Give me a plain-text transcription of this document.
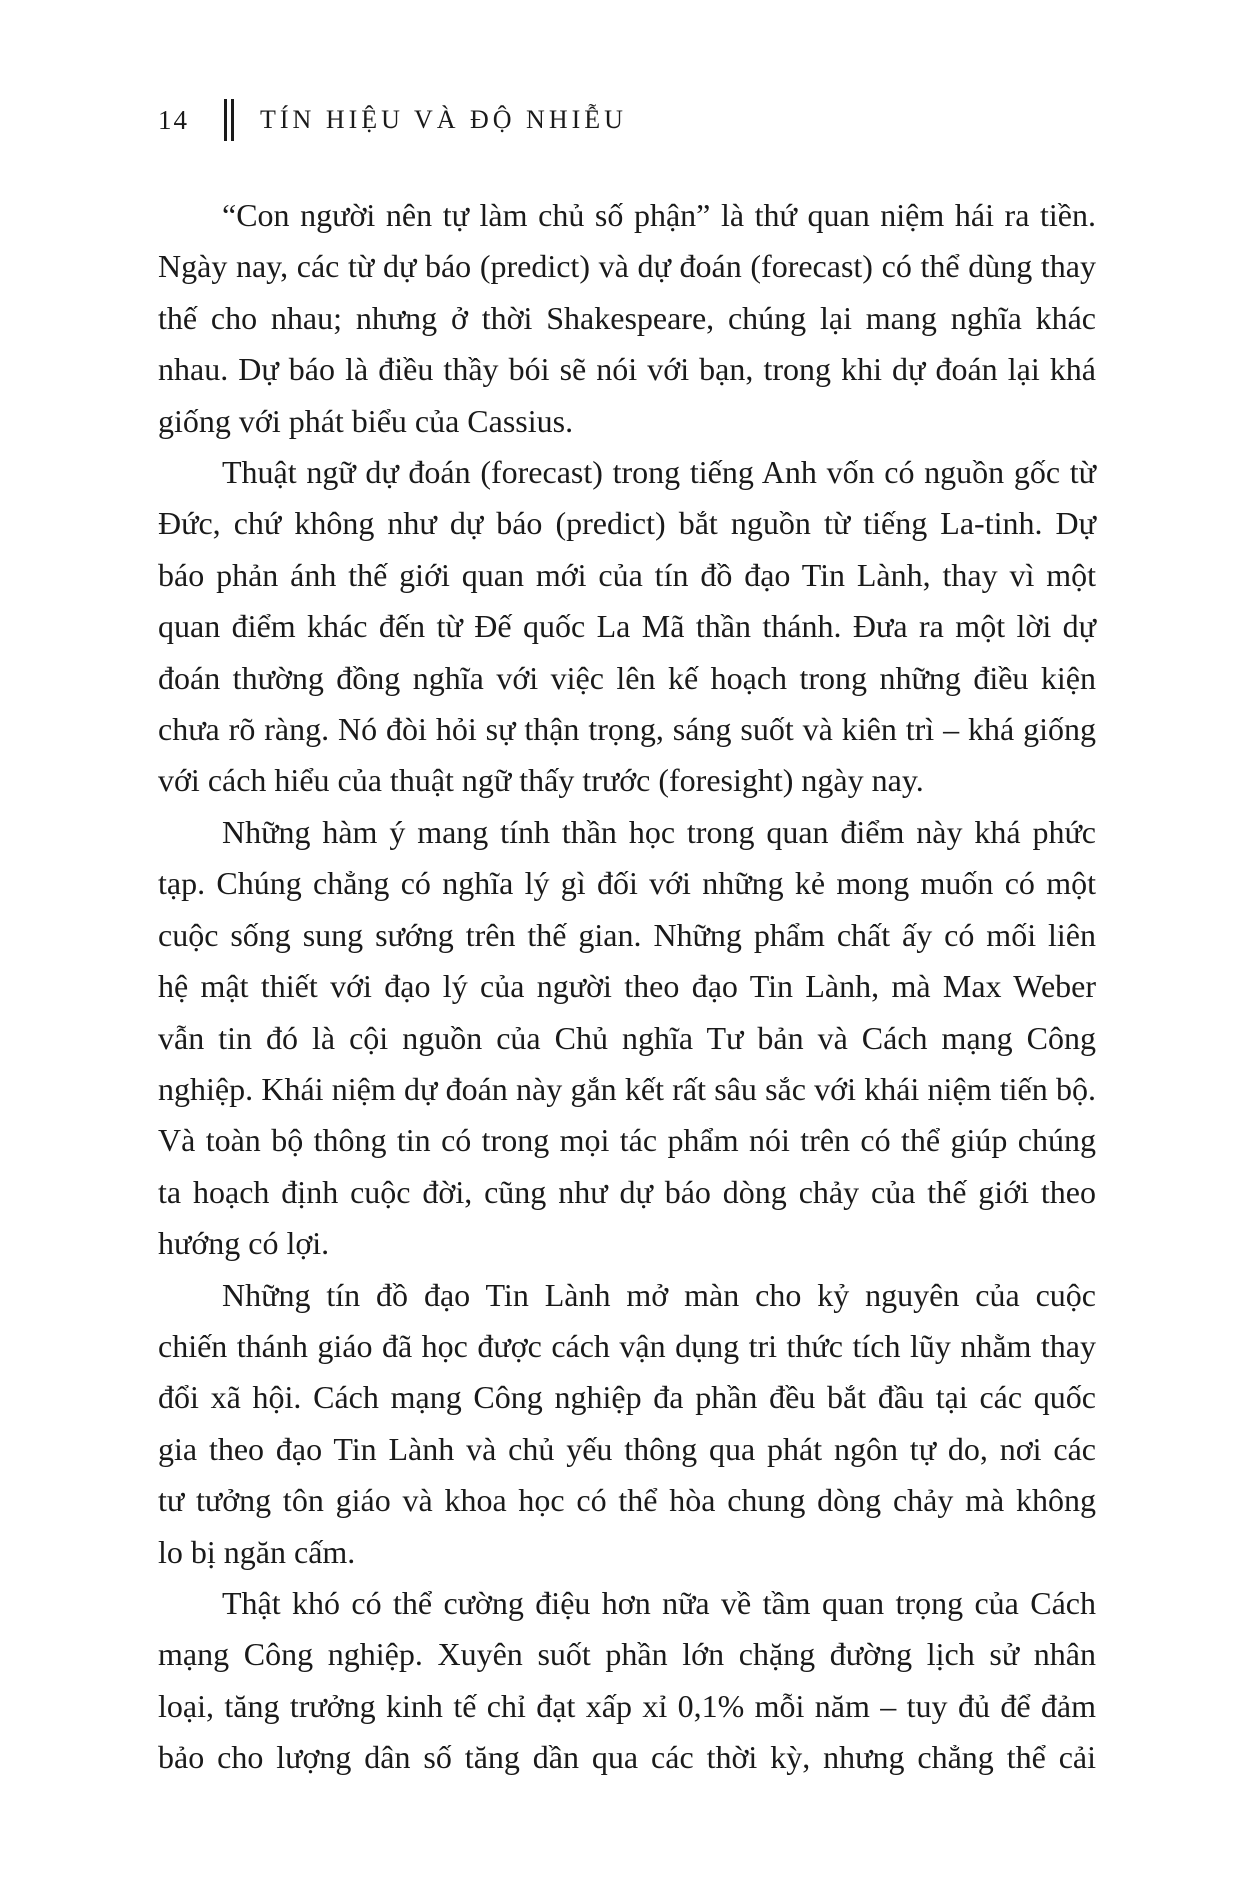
14	TÍN HIỆU VÀ ĐỘ NHIỄU
“Con người nên tự làm chủ số phận” là thứ quan niệm hái ra tiền.
Ngày nay, các từ dự báo (predict) và dự đoán (forecast) có thể dùng thay
thế cho nhau; nhưng ở thời Shakespeare, chúng lại mang nghĩa khác
nhau. Dự báo là điều thầy bói sẽ nói với bạn, trong khi dự đoán lại khá
giống với phát biểu của Cassius.
Thuật ngữ dự đoán (forecast) trong tiếng Anh vốn có nguồn gốc từ
Đức, chứ không như dự báo (predict) bắt nguồn từ tiếng La-tinh. Dự
báo phản ánh thế giới quan mới của tín đồ đạo Tin Lành, thay vì một
quan điểm khác đến từ Đế quốc La Mã thần thánh. Đưa ra một lời dự
đoán thường đồng nghĩa với việc lên kế hoạch trong những điều kiện
chưa rõ ràng. Nó đòi hỏi sự thận trọng, sáng suốt và kiên trì – khá giống
với cách hiểu của thuật ngữ thấy trước (foresight) ngày nay.
Những hàm ý mang tính thần học trong quan điểm này khá phức
tạp. Chúng chẳng có nghĩa lý gì đối với những kẻ mong muốn có một
cuộc sống sung sướng trên thế gian. Những phẩm chất ấy có mối liên
hệ mật thiết với đạo lý của người theo đạo Tin Lành, mà Max Weber
vẫn tin đó là cội nguồn của Chủ nghĩa Tư bản và Cách mạng Công
nghiệp. Khái niệm dự đoán này gắn kết rất sâu sắc với khái niệm tiến bộ.
Và toàn bộ thông tin có trong mọi tác phẩm nói trên có thể giúp chúng
ta hoạch định cuộc đời, cũng như dự báo dòng chảy của thế giới theo
hướng có lợi.
Những tín đồ đạo Tin Lành mở màn cho kỷ nguyên của cuộc
chiến thánh giáo đã học được cách vận dụng tri thức tích lũy nhằm thay
đổi xã hội. Cách mạng Công nghiệp đa phần đều bắt đầu tại các quốc
gia theo đạo Tin Lành và chủ yếu thông qua phát ngôn tự do, nơi các
tư tưởng tôn giáo và khoa học có thể hòa chung dòng chảy mà không
lo bị ngăn cấm.
Thật khó có thể cường điệu hơn nữa về tầm quan trọng của Cách
mạng Công nghiệp. Xuyên suốt phần lớn chặng đường lịch sử nhân
loại, tăng trưởng kinh tế chỉ đạt xấp xỉ 0,1% mỗi năm – tuy đủ để đảm
bảo cho lượng dân số tăng dần qua các thời kỳ, nhưng chẳng thể cải
